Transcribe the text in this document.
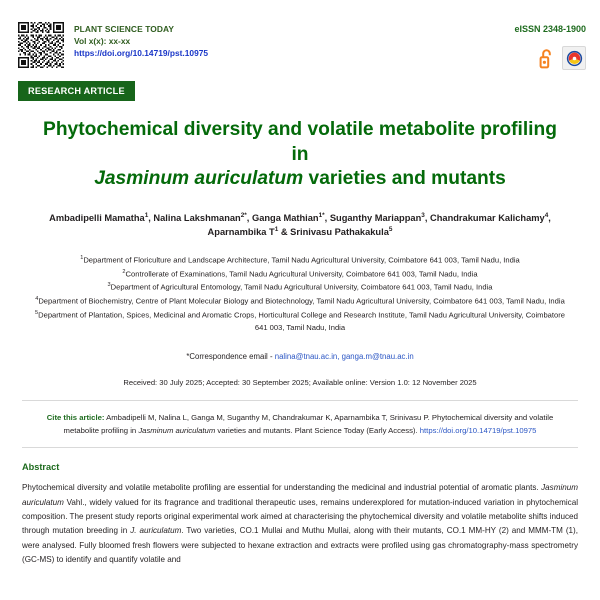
PLANT SCIENCE TODAY
Vol x(x): xx-xx
https://doi.org/10.14719/pst.10975
eISSN 2348-1900
RESEARCH ARTICLE
Phytochemical diversity and volatile metabolite profiling in
Jasminum auriculatum varieties and mutants
Ambadipelli Mamatha$^1$, Nalina Lakshmanan$^{2*}$, Ganga Mathian$^{1*}$, Suganthy Mariappan$^3$, Chandrakumar Kalichamy$^4$, Aparnambika $T^1$ & Srinivasu Pathakakula$^5$
$^1$Department of Floriculture and Landscape Architecture, Tamil Nadu Agricultural University, Coimbatore 641 003, Tamil Nadu, India
$^2$Controllerate of Examinations, Tamil Nadu Agricultural University, Coimbatore 641 003, Tamil Nadu, India
$^3$Department of Agricultural Entomology, Tamil Nadu Agricultural University, Coimbatore 641 003, Tamil Nadu, India
$^4$Department of Biochemistry, Centre of Plant Molecular Biology and Biotechnology, Tamil Nadu Agricultural University, Coimbatore 641 003, Tamil Nadu, India
$^5$Department of Plantation, Spices, Medicinal and Aromatic Crops, Horticultural College and Research Institute, Tamil Nadu Agricultural University, Coimbatore 641 003, Tamil Nadu, India
*Correspondence email - nalina@tnau.ac.in, ganga.m@tnau.ac.in
Received: 30 July 2025; Accepted: 30 September 2025; Available online: Version 1.0: 12 November 2025
Cite this article: Ambadipelli M, Nalina L, Ganga M, Suganthy M, Chandrakumar K, Aparnambika T, Srinivasu P. Phytochemical diversity and volatile metabolite profiling in Jasminum auriculatum varieties and mutants. Plant Science Today (Early Access). https://doi.org/10.14719/pst.10975
Abstract
Phytochemical diversity and volatile metabolite profiling are essential for understanding the medicinal and industrial potential of aromatic plants. Jasminum auriculatum Vahl., widely valued for its fragrance and traditional therapeutic uses, remains underexplored for mutation-induced variation in phytochemical composition. The present study reports original experimental work aimed at characterising the phytochemical diversity and volatile metabolite shifts induced through mutation breeding in J. auriculatum. Two varieties, CO.1 Mullai and Muthu Mullai, along with their mutants, CO.1 MM-HY (2) and MMM-TM (1), were analysed. Fully bloomed fresh flowers were subjected to hexane extraction and extracts were profiled using gas chromatography-mass spectrometry (GC-MS) to identify and quantify volatile and
